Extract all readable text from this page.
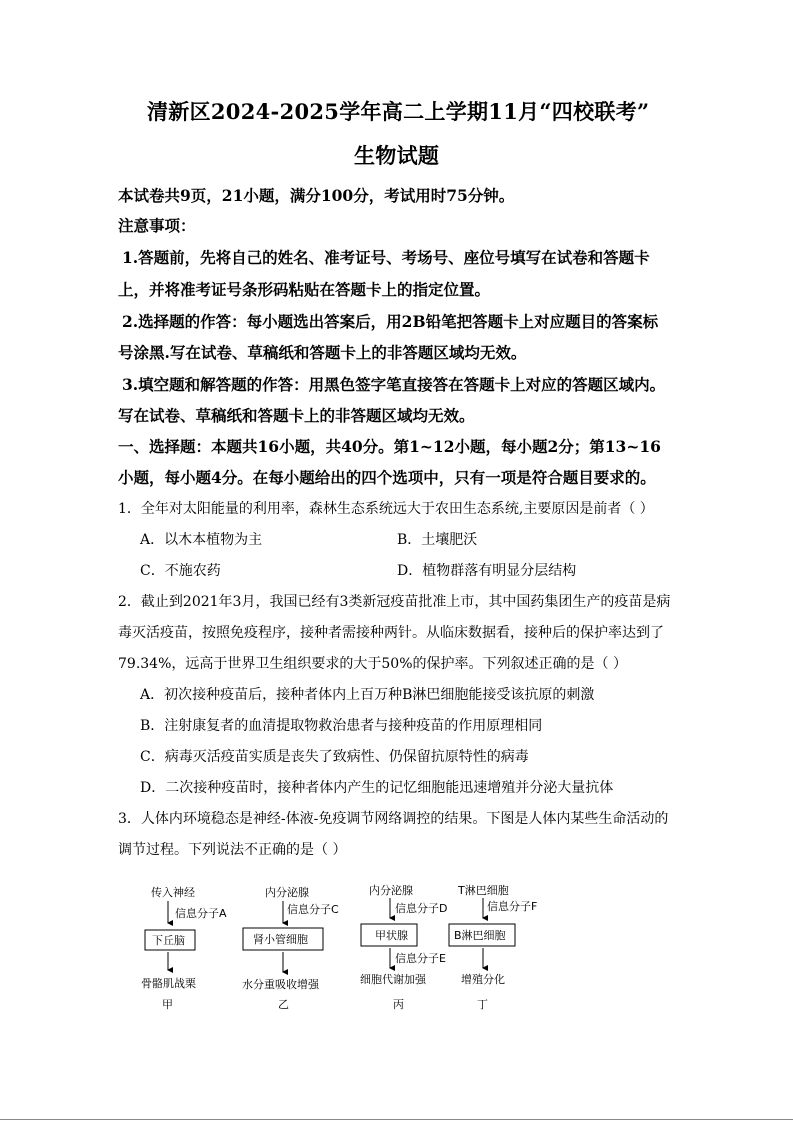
清新区2024-2025学年高二上学期11月“四校联考”
生物试题
本试卷共9页，21小题，满分100分，考试用时75分钟。
注意事项：
1.答题前，先将自己的姓名、准考证号、考场号、座位号填写在试卷和答题卡
上，并将准考证号条形码粘贴在答题卡上的指定位置。
2.选择题的作答：每小题选出答案后，用2B铅笔把答题卡上对应题目的答案标
号涂黑.写在试卷、草稿纸和答题卡上的非答题区域均无效。
3.填空题和解答题的作答：用黑色签字笔直接答在答题卡上对应的答题区域内。
写在试卷、草稿纸和答题卡上的非答题区域均无效。
一、选择题：本题共16小题，共40分。第1~12小题，每小题2分；第13~16
小题，每小题4分。在每小题给出的四个选项中，只有一项是符合题目要求的。
1．全年对太阳能量的利用率，森林生态系统远大于农田生态系统,主要原因是前者（ ）
A．以木本植物为主	B．土壤肥沃
C．不施农药	D．植物群落有明显分层结构
2．截止到2021年3月，我国已经有3类新冠疫苗批准上市，其中国药集团生产的疫苗是病
毒灭活疫苗，按照免疫程序，接种者需接种两针。从临床数据看，接种后的保护率达到了
79.34%，远高于世界卫生组织要求的大于50%的保护率。下列叙述正确的是（ ）
A．初次接种疫苗后，接种者体内上百万种B淋巴细胞能接受该抗原的刺激
B．注射康复者的血清提取物救治患者与接种疫苗的作用原理相同
C．病毒灭活疫苗实质是丧失了致病性、仍保留抗原特性的病毒
D．二次接种疫苗时，接种者体内产生的记忆细胞能迅速增殖并分泌大量抗体
3．人体内环境稳态是神经-体液-免疫调节网络调控的结果。下图是人体内某些生命活动的
调节过程。下列说法不正确的是（ ）
传入神经
信息分子A
下丘脑
骨骼肌战栗
甲
内分泌腺
信息分子C
肾小管细胞
水分重吸收增强
乙
内分泌腺
信息分子D
甲状腺
信息分子E
细胞代谢加强
丙
T淋巴细胞
信息分子F
B淋巴细胞
增殖分化
丁
